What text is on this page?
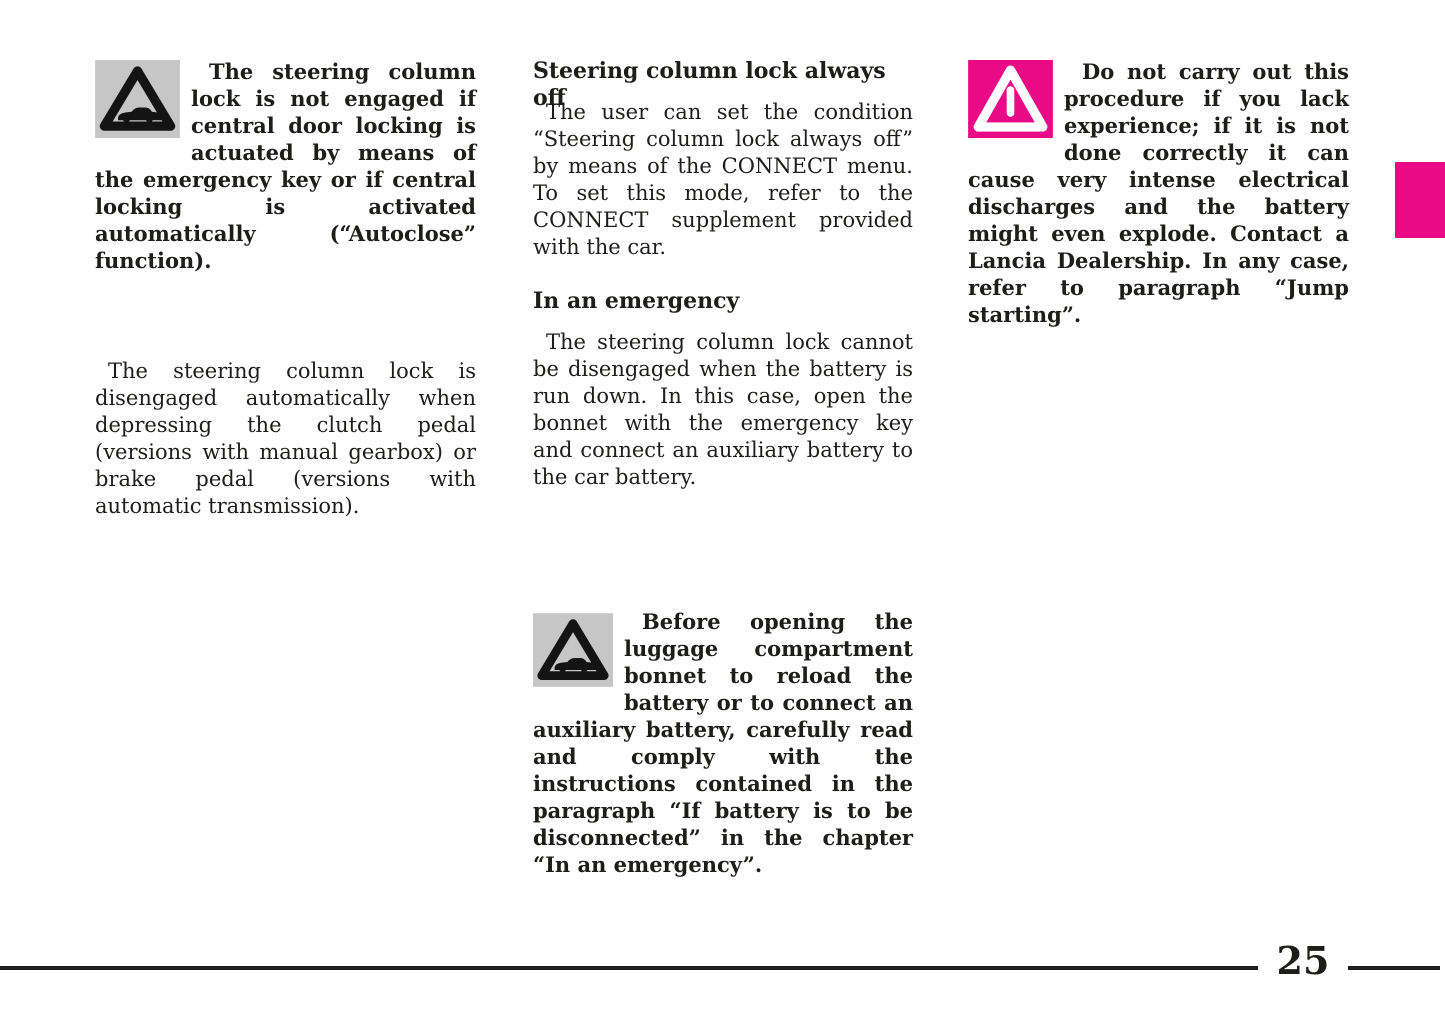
The steering column lock is not engaged if central door locking is actuated by means of the emergency key or if central locking is activated automatically (“Autoclose” function).

The steering column lock is disengaged automatically when depressing the clutch pedal (versions with manual gearbox) or brake pedal (versions with automatic transmission).

Steering column lock always off

The user can set the condition “Steering column lock always off” by means of the CONNECT menu. To set this mode, refer to the CONNECT supplement provided with the car.

In an emergency

The steering column lock cannot be disengaged when the battery is run down. In this case, open the bonnet with the emergency key and connect an auxiliary battery to the car battery.

Before opening the luggage compartment bonnet to reload the battery or to connect an auxiliary battery, carefully read and comply with the instructions contained in the paragraph “If battery is to be disconnected” in the chapter “In an emergency”.

Do not carry out this procedure if you lack experience; if it is not done correctly it can cause very intense electrical discharges and the battery might even explode. Contact a Lancia Dealership. In any case, refer to paragraph “Jump starting”.

25
